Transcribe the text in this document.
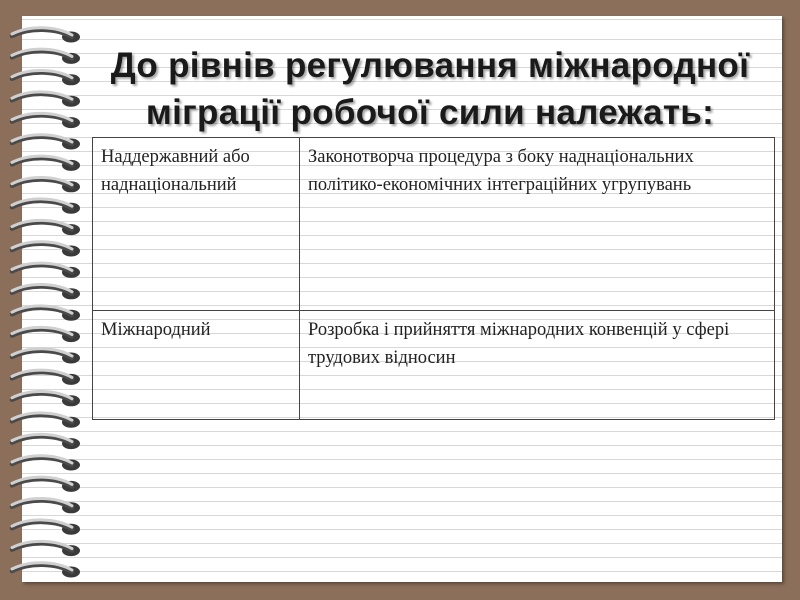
До рівнів регулювання міжнародної
міграції робочої сили належать:
Наддержавний або наднаціональний	Законотворча процедура з боку наднаціональних політико-економічних інтеграційних угрупувань
Міжнародний	Розробка і прийняття міжнародних конвенцій у сфері трудових відносин
